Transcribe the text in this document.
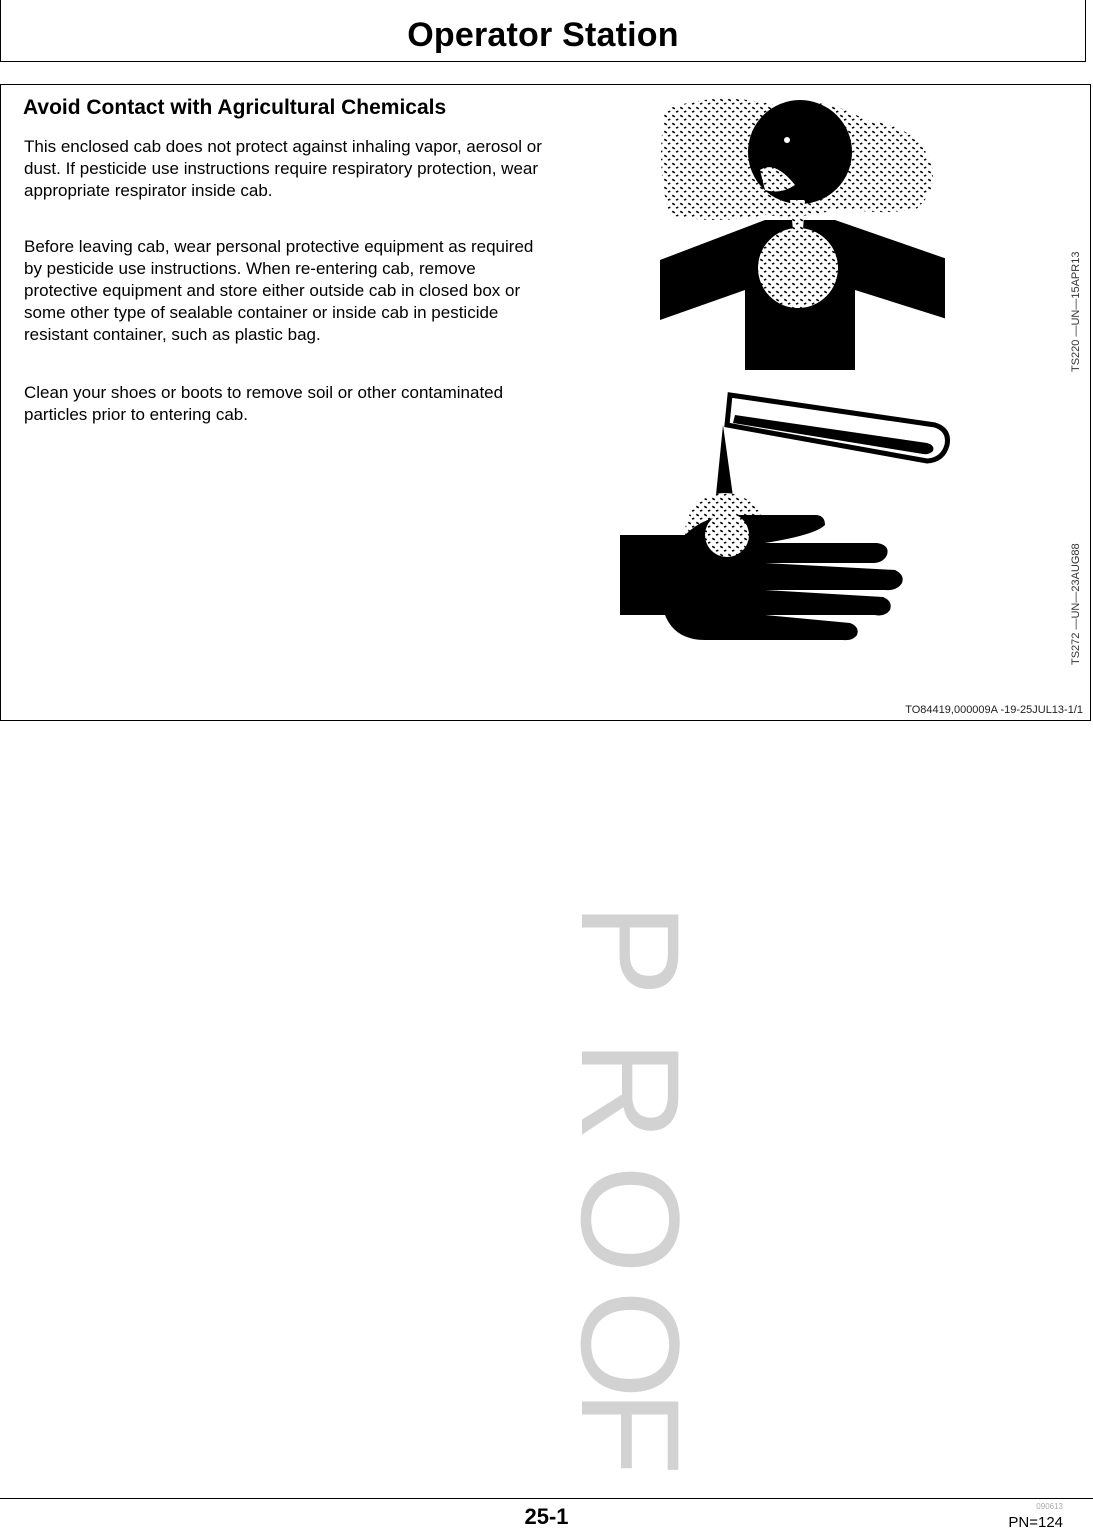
Operator Station
Avoid Contact with Agricultural Chemicals

This enclosed cab does not protect against inhaling vapor, aerosol or dust. If pesticide use instructions require respiratory protection, wear appropriate respirator inside cab.

Before leaving cab, wear personal protective equipment as required by pesticide use instructions. When re-entering cab, remove protective equipment and store either outside cab in closed box or some other type of sealable container or inside cab in pesticide resistant container, such as plastic bag.

Clean your shoes or boots to remove soil or other contaminated particles prior to entering cab.

TS220 —UN—15APR13
TS272 —UN—23AUG88
TO84419,000009A -19-25JUL13-1/1
P
R
O
O
F
25-1	090613
PN=124
